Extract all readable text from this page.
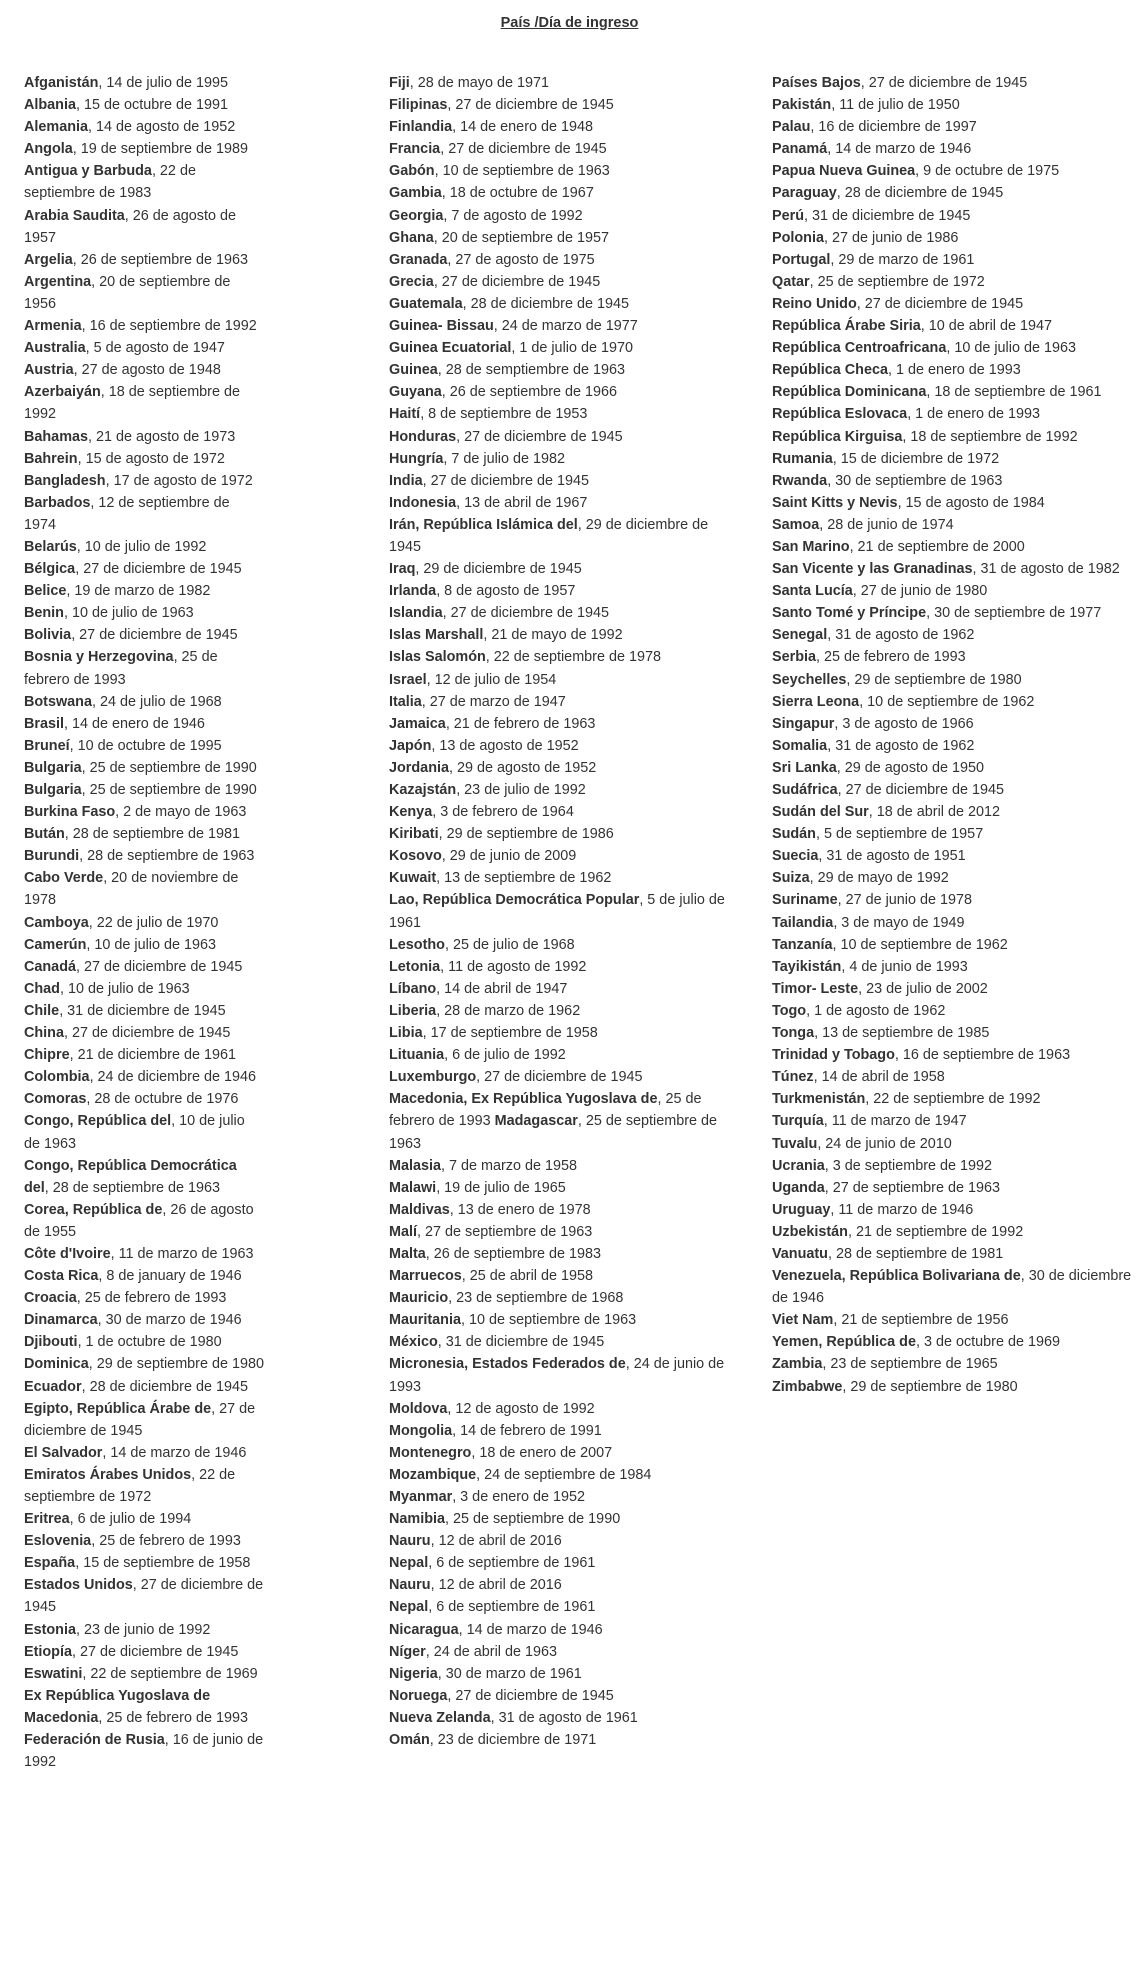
País /Día de ingreso

Afganistán, 14 de julio de 1995

Albania, 15 de octubre de 1991

Alemania, 14 de agosto de 1952

Angola, 19 de septiembre de 1989

Antigua y Barbuda, 22 de septiembre de 1983

Arabia Saudita, 26 de agosto de 1957

Argelia, 26 de septiembre de 1963

Argentina, 20 de septiembre de 1956

Armenia, 16 de septiembre de 1992

Australia, 5 de agosto de 1947

Austria, 27 de agosto de 1948

Azerbaiyán, 18 de septiembre de 1992

Bahamas, 21 de agosto de 1973

Bahrein, 15 de agosto de 1972

Bangladesh, 17 de agosto de 1972

Barbados, 12 de septiembre de 1974

Belarús, 10 de julio de 1992

Bélgica, 27 de diciembre de 1945

Belice, 19 de marzo de 1982

Benin, 10 de julio de 1963

Bolivia, 27 de diciembre de 1945

Bosnia y Herzegovina, 25 de febrero de 1993

Botswana, 24 de julio de 1968

Brasil, 14 de enero de 1946

Bruneí, 10 de octubre de 1995

Bulgaria, 25 de septiembre de 1990

Bulgaria, 25 de septiembre de 1990

Burkina Faso, 2 de mayo de 1963

Bután, 28 de septiembre de 1981

Burundi, 28 de septiembre de 1963

Cabo Verde, 20 de noviembre de 1978

Camboya, 22 de julio de 1970

Camerún, 10 de julio de 1963

Canadá, 27 de diciembre de 1945

Chad, 10 de julio de 1963

Chile, 31 de diciembre de 1945

China, 27 de diciembre de 1945

Chipre, 21 de diciembre de 1961

Colombia, 24 de diciembre de 1946

Comoras, 28 de octubre de 1976

Congo, República del, 10 de julio de 1963

Congo, República Democrática del, 28 de septiembre de 1963

Corea, República de, 26 de agosto de 1955

Côte d'Ivoire, 11 de marzo de 1963

Costa Rica, 8 de january de 1946

Croacia, 25 de febrero de 1993

Dinamarca, 30 de marzo de 1946

Djibouti, 1 de octubre de 1980

Dominica, 29 de septiembre de 1980

Ecuador, 28 de diciembre de 1945

Egipto, República Árabe de, 27 de diciembre de 1945

El Salvador, 14 de marzo de 1946

Emiratos Árabes Unidos, 22 de septiembre de 1972

Eritrea, 6 de julio de 1994

Eslovenia, 25 de febrero de 1993

España, 15 de septiembre de 1958

Estados Unidos, 27 de diciembre de 1945

Estonia, 23 de junio de 1992

Etiopía, 27 de diciembre de 1945

Eswatini, 22 de septiembre de 1969

Ex República Yugoslava de Macedonia, 25 de febrero de 1993

Federación de Rusia, 16 de junio de 1992

Fiji, 28 de mayo de 1971

Filipinas, 27 de diciembre de 1945

Finlandia, 14 de enero de 1948

Francia, 27 de diciembre de 1945

Gabón, 10 de septiembre de 1963

Gambia, 18 de octubre de 1967

Georgia, 7 de agosto de 1992

Ghana, 20 de septiembre de 1957

Granada, 27 de agosto de 1975

Grecia, 27 de diciembre de 1945

Guatemala, 28 de diciembre de 1945

Guinea- Bissau, 24 de marzo de 1977

Guinea Ecuatorial, 1 de julio de 1970

Guinea, 28 de semptiembre de 1963

Guyana, 26 de septiembre de 1966

Haití, 8 de septiembre de 1953

Honduras, 27 de diciembre de 1945

Hungría, 7 de julio de 1982

India, 27 de diciembre de 1945

Indonesia, 13 de abril de 1967

Irán, República Islámica del, 29 de diciembre de 1945

Iraq, 29 de diciembre de 1945

Irlanda, 8 de agosto de 1957

Islandia, 27 de diciembre de 1945

Islas Marshall, 21 de mayo de 1992

Islas Salomón, 22 de septiembre de 1978

Israel, 12 de julio de 1954

Italia, 27 de marzo de 1947

Jamaica, 21 de febrero de 1963

Japón, 13 de agosto de 1952

Jordania, 29 de agosto de 1952

Kazajstán, 23 de julio de 1992

Kenya, 3 de febrero de 1964

Kiribati, 29 de septiembre de 1986

Kosovo, 29 de junio de 2009

Kuwait, 13 de septiembre de 1962

Lao, República Democrática Popular, 5 de julio de 1961

Lesotho, 25 de julio de 1968

Letonia, 11 de agosto de 1992

Líbano, 14 de abril de 1947

Liberia, 28 de marzo de 1962

Libia, 17 de septiembre de 1958

Lituania, 6 de julio de 1992

Luxemburgo, 27 de diciembre de 1945

Macedonia, Ex República Yugoslava de, 25 de febrero de 1993 Madagascar, 25 de septiembre de 1963

Malasia, 7 de marzo de 1958

Malawi, 19 de julio de 1965

Maldivas, 13 de enero de 1978

Malí, 27 de septiembre de 1963

Malta, 26 de septiembre de 1983

Marruecos, 25 de abril de 1958

Mauricio, 23 de septiembre de 1968

Mauritania, 10 de septiembre de 1963

México, 31 de diciembre de 1945

Micronesia, Estados Federados de, 24 de junio de 1993

Moldova, 12 de agosto de 1992

Mongolia, 14 de febrero de 1991

Montenegro, 18 de enero de 2007

Mozambique, 24 de septiembre de 1984

Myanmar, 3 de enero de 1952

Namibia, 25 de septiembre de 1990

Nauru, 12 de abril de 2016

Nepal, 6 de septiembre de 1961

Nauru, 12 de abril de 2016

Nepal, 6 de septiembre de 1961

Nicaragua, 14 de marzo de 1946

Níger, 24 de abril de 1963

Nigeria, 30 de marzo de 1961

Noruega, 27 de diciembre de 1945

Nueva Zelanda, 31 de agosto de 1961

Omán, 23 de diciembre de 1971

Países Bajos, 27 de diciembre de 1945

Pakistán, 11 de julio de 1950

Palau, 16 de diciembre de 1997

Panamá, 14 de marzo de 1946

Papua Nueva Guinea, 9 de octubre de 1975

Paraguay, 28 de diciembre de 1945

Perú, 31 de diciembre de 1945

Polonia, 27 de junio de 1986

Portugal, 29 de marzo de 1961

Qatar, 25 de septiembre de 1972

Reino Unido, 27 de diciembre de 1945

República Árabe Siria, 10 de abril de 1947

República Centroafricana, 10 de julio de 1963

República Checa, 1 de enero de 1993

República Dominicana, 18 de septiembre de 1961

República Eslovaca, 1 de enero de 1993

República Kirguisa, 18 de septiembre de 1992

Rumania, 15 de diciembre de 1972

Rwanda, 30 de septiembre de 1963

Saint Kitts y Nevis, 15 de agosto de 1984

Samoa, 28 de junio de 1974

San Marino, 21 de septiembre de 2000

San Vicente y las Granadinas, 31 de agosto de 1982

Santa Lucía, 27 de junio de 1980

Santo Tomé y Príncipe, 30 de septiembre de 1977

Senegal, 31 de agosto de 1962

Serbia, 25 de febrero de 1993

Seychelles, 29 de septiembre de 1980

Sierra Leona, 10 de septiembre de 1962

Singapur, 3 de agosto de 1966

Somalia, 31 de agosto de 1962

Sri Lanka, 29 de agosto de 1950

Sudáfrica, 27 de diciembre de 1945

Sudán del Sur, 18 de abril de 2012

Sudán, 5 de septiembre de 1957

Suecia, 31 de agosto de 1951

Suiza, 29 de mayo de 1992

Suriname, 27 de junio de 1978

Tailandia, 3 de mayo de 1949

Tanzanía, 10 de septiembre de 1962

Tayikistán, 4 de junio de 1993

Timor- Leste, 23 de julio de 2002

Togo, 1 de agosto de 1962

Tonga, 13 de septiembre de 1985

Trinidad y Tobago, 16 de septiembre de 1963

Túnez, 14 de abril de 1958

Turkmenistán, 22 de septiembre de 1992

Turquía, 11 de marzo de 1947

Tuvalu, 24 de junio de 2010

Ucrania, 3 de septiembre de 1992

Uganda, 27 de septiembre de 1963

Uruguay, 11 de marzo de 1946

Uzbekistán, 21 de septiembre de 1992

Vanuatu, 28 de septiembre de 1981

Venezuela, República Bolivariana de, 30 de diciembre de 1946

Viet Nam, 21 de septiembre de 1956

Yemen, República de, 3 de octubre de 1969

Zambia, 23 de septiembre de 1965

Zimbabwe, 29 de septiembre de 1980
